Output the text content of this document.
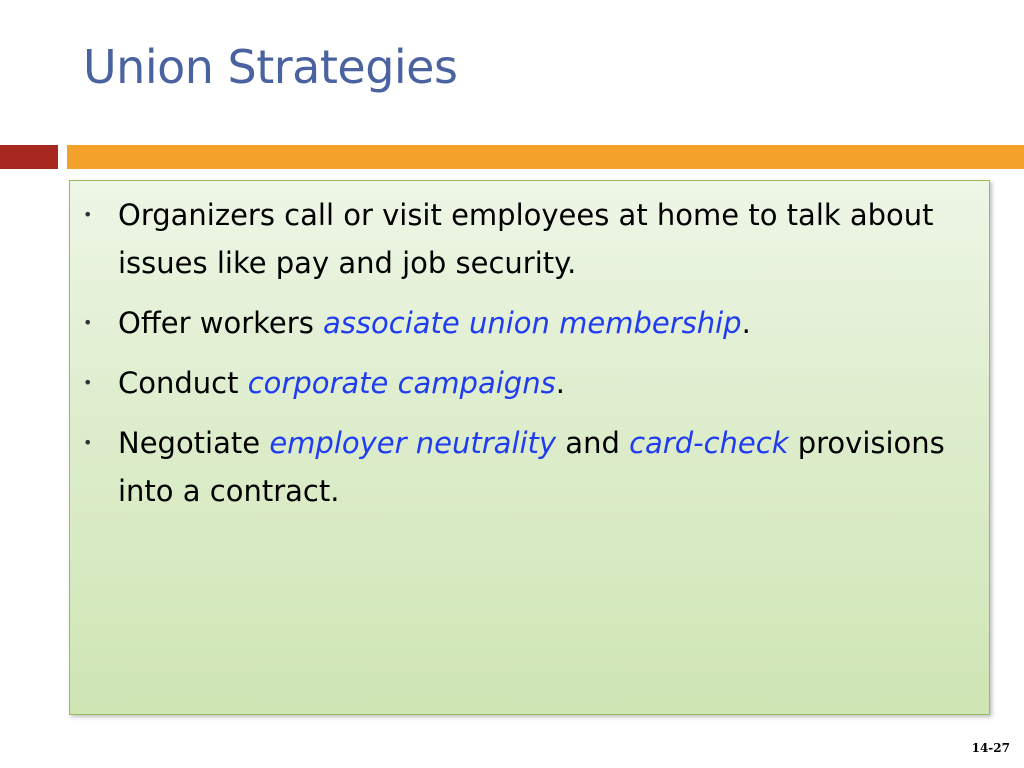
Union Strategies
• Organizers call or visit employees at home to talk about issues like pay and job security.
• Offer workers associate union membership.
• Conduct corporate campaigns.
• Negotiate employer neutrality and card-check provisions into a contract.
14-27
